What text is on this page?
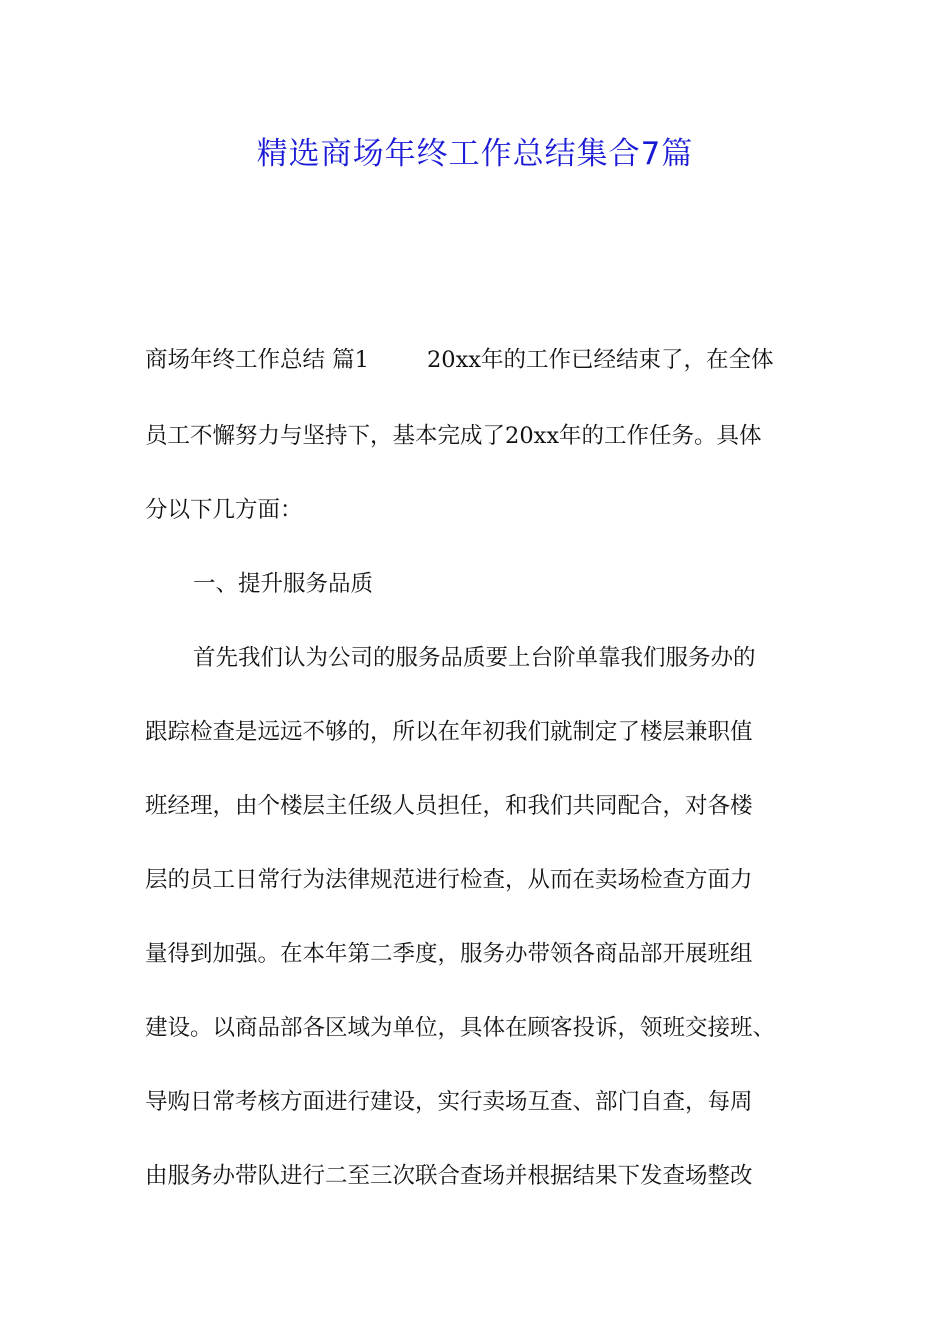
精选商场年终工作总结集合7篇
商场年终工作总结 篇1	20xx年的工作已经结束了，在全体
员工不懈努力与坚持下，基本完成了20xx年的工作任务。具体
分以下几方面：
一、提升服务品质
首先我们认为公司的服务品质要上台阶单靠我们服务办的
跟踪检查是远远不够的，所以在年初我们就制定了楼层兼职值
班经理，由个楼层主任级人员担任，和我们共同配合，对各楼
层的员工日常行为法律规范进行检查，从而在卖场检查方面力
量得到加强。在本年第二季度，服务办带领各商品部开展班组
建设。以商品部各区域为单位，具体在顾客投诉，领班交接班、
导购日常考核方面进行建设，实行卖场互查、部门自查，每周
由服务办带队进行二至三次联合查场并根据结果下发查场整改
